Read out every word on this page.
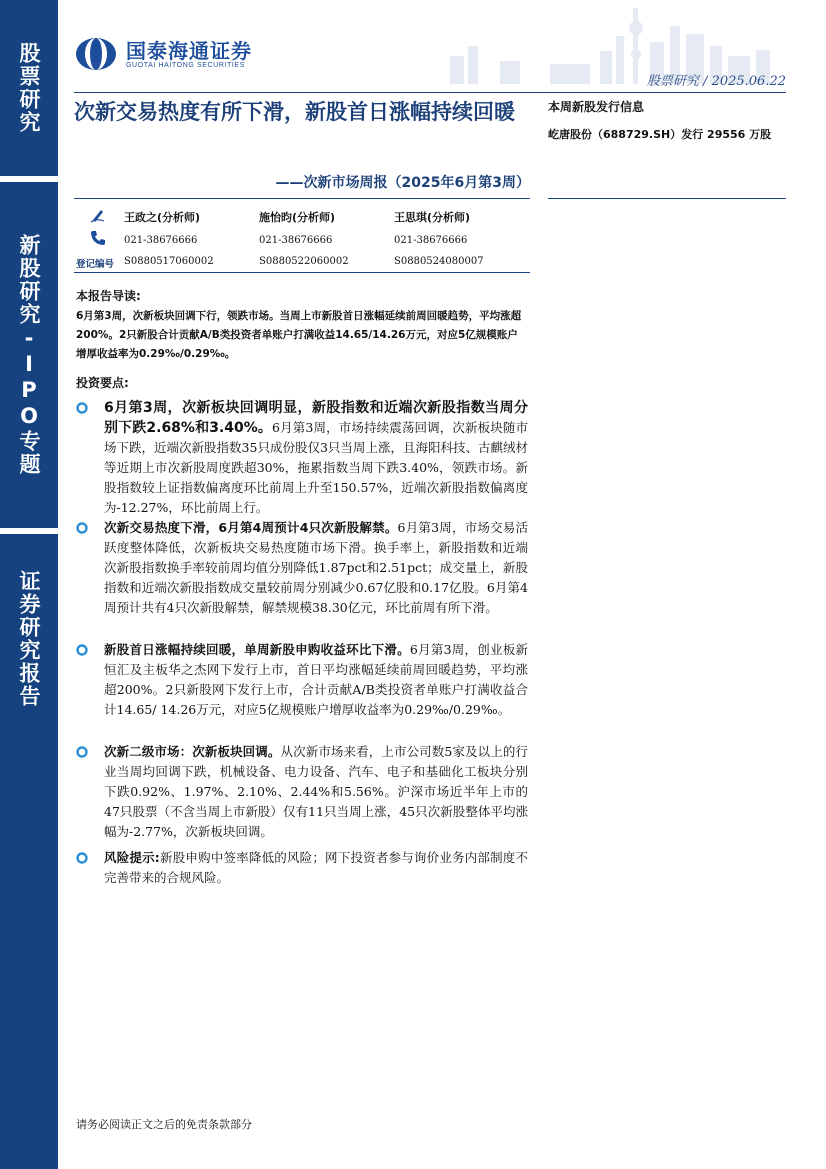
股票研究
新股研究-IPO专题
证券研究报告
国泰海通证券
GUOTAI HAITONG SECURITIES
股票研究 / 2025.06.22
次新交易热度有所下滑，新股首日涨幅持续回暖
——次新市场周报（2025年6月第3周）
本周新股发行信息
屹唐股份（688729.SH）发行 29556 万股
王政之(分析师)	施怡昀(分析师)	王思琪(分析师)
021-38676666	021-38676666	021-38676666
登记编号 S0880517060002	S0880522060002	S0880524080007
本报告导读:
6月第3周，次新板块回调下行，领跌市场。当周上市新股首日涨幅延续前周回暖趋势，平均涨超200%。2只新股合计贡献A/B类投资者单账户打满收益14.65/14.26万元，对应5亿规模账户增厚收益率为0.29‰/0.29‰。
投资要点:
6月第3周，次新板块回调明显，新股指数和近端次新股指数当周分别下跌2.68%和3.40%。6月第3周，市场持续震荡回调，次新板块随市场下跌，近端次新股指数35只成份股仅3只当周上涨，且海阳科技、古麒绒材等近期上市次新股周度跌超30%，拖累指数当周下跌3.40%，领跌市场。新股指数较上证指数偏离度环比前周上升至150.57%，近端次新股指数偏离度为-12.27%，环比前周上行。
次新交易热度下滑，6月第4周预计4只次新股解禁。6月第3周，市场交易活跃度整体降低，次新板块交易热度随市场下滑。换手率上，新股指数和近端次新股指数换手率较前周均值分别降低1.87pct和2.51pct；成交量上，新股指数和近端次新股指数成交量较前周分别减少0.67亿股和0.17亿股。6月第4周预计共有4只次新股解禁，解禁规模38.30亿元，环比前周有所下滑。
新股首日涨幅持续回暖，单周新股申购收益环比下滑。6月第3周，创业板新恒汇及主板华之杰网下发行上市，首日平均涨幅延续前周回暖趋势，平均涨超200%。2只新股网下发行上市，合计贡献A/B类投资者单账户打满收益合计14.65/ 14.26万元，对应5亿规模账户增厚收益率为0.29‰/0.29‰。
次新二级市场：次新板块回调。从次新市场来看，上市公司数5家及以上的行业当周均回调下跌，机械设备、电力设备、汽车、电子和基础化工板块分别下跌0.92%、1.97%、2.10%、2.44%和5.56%。沪深市场近半年上市的47只股票（不含当周上市新股）仅有11只当周上涨，45只次新股整体平均涨幅为-2.77%，次新板块回调。
风险提示:新股申购中签率降低的风险；网下投资者参与询价业务内部制度不完善带来的合规风险。
请务必阅读正文之后的免责条款部分
